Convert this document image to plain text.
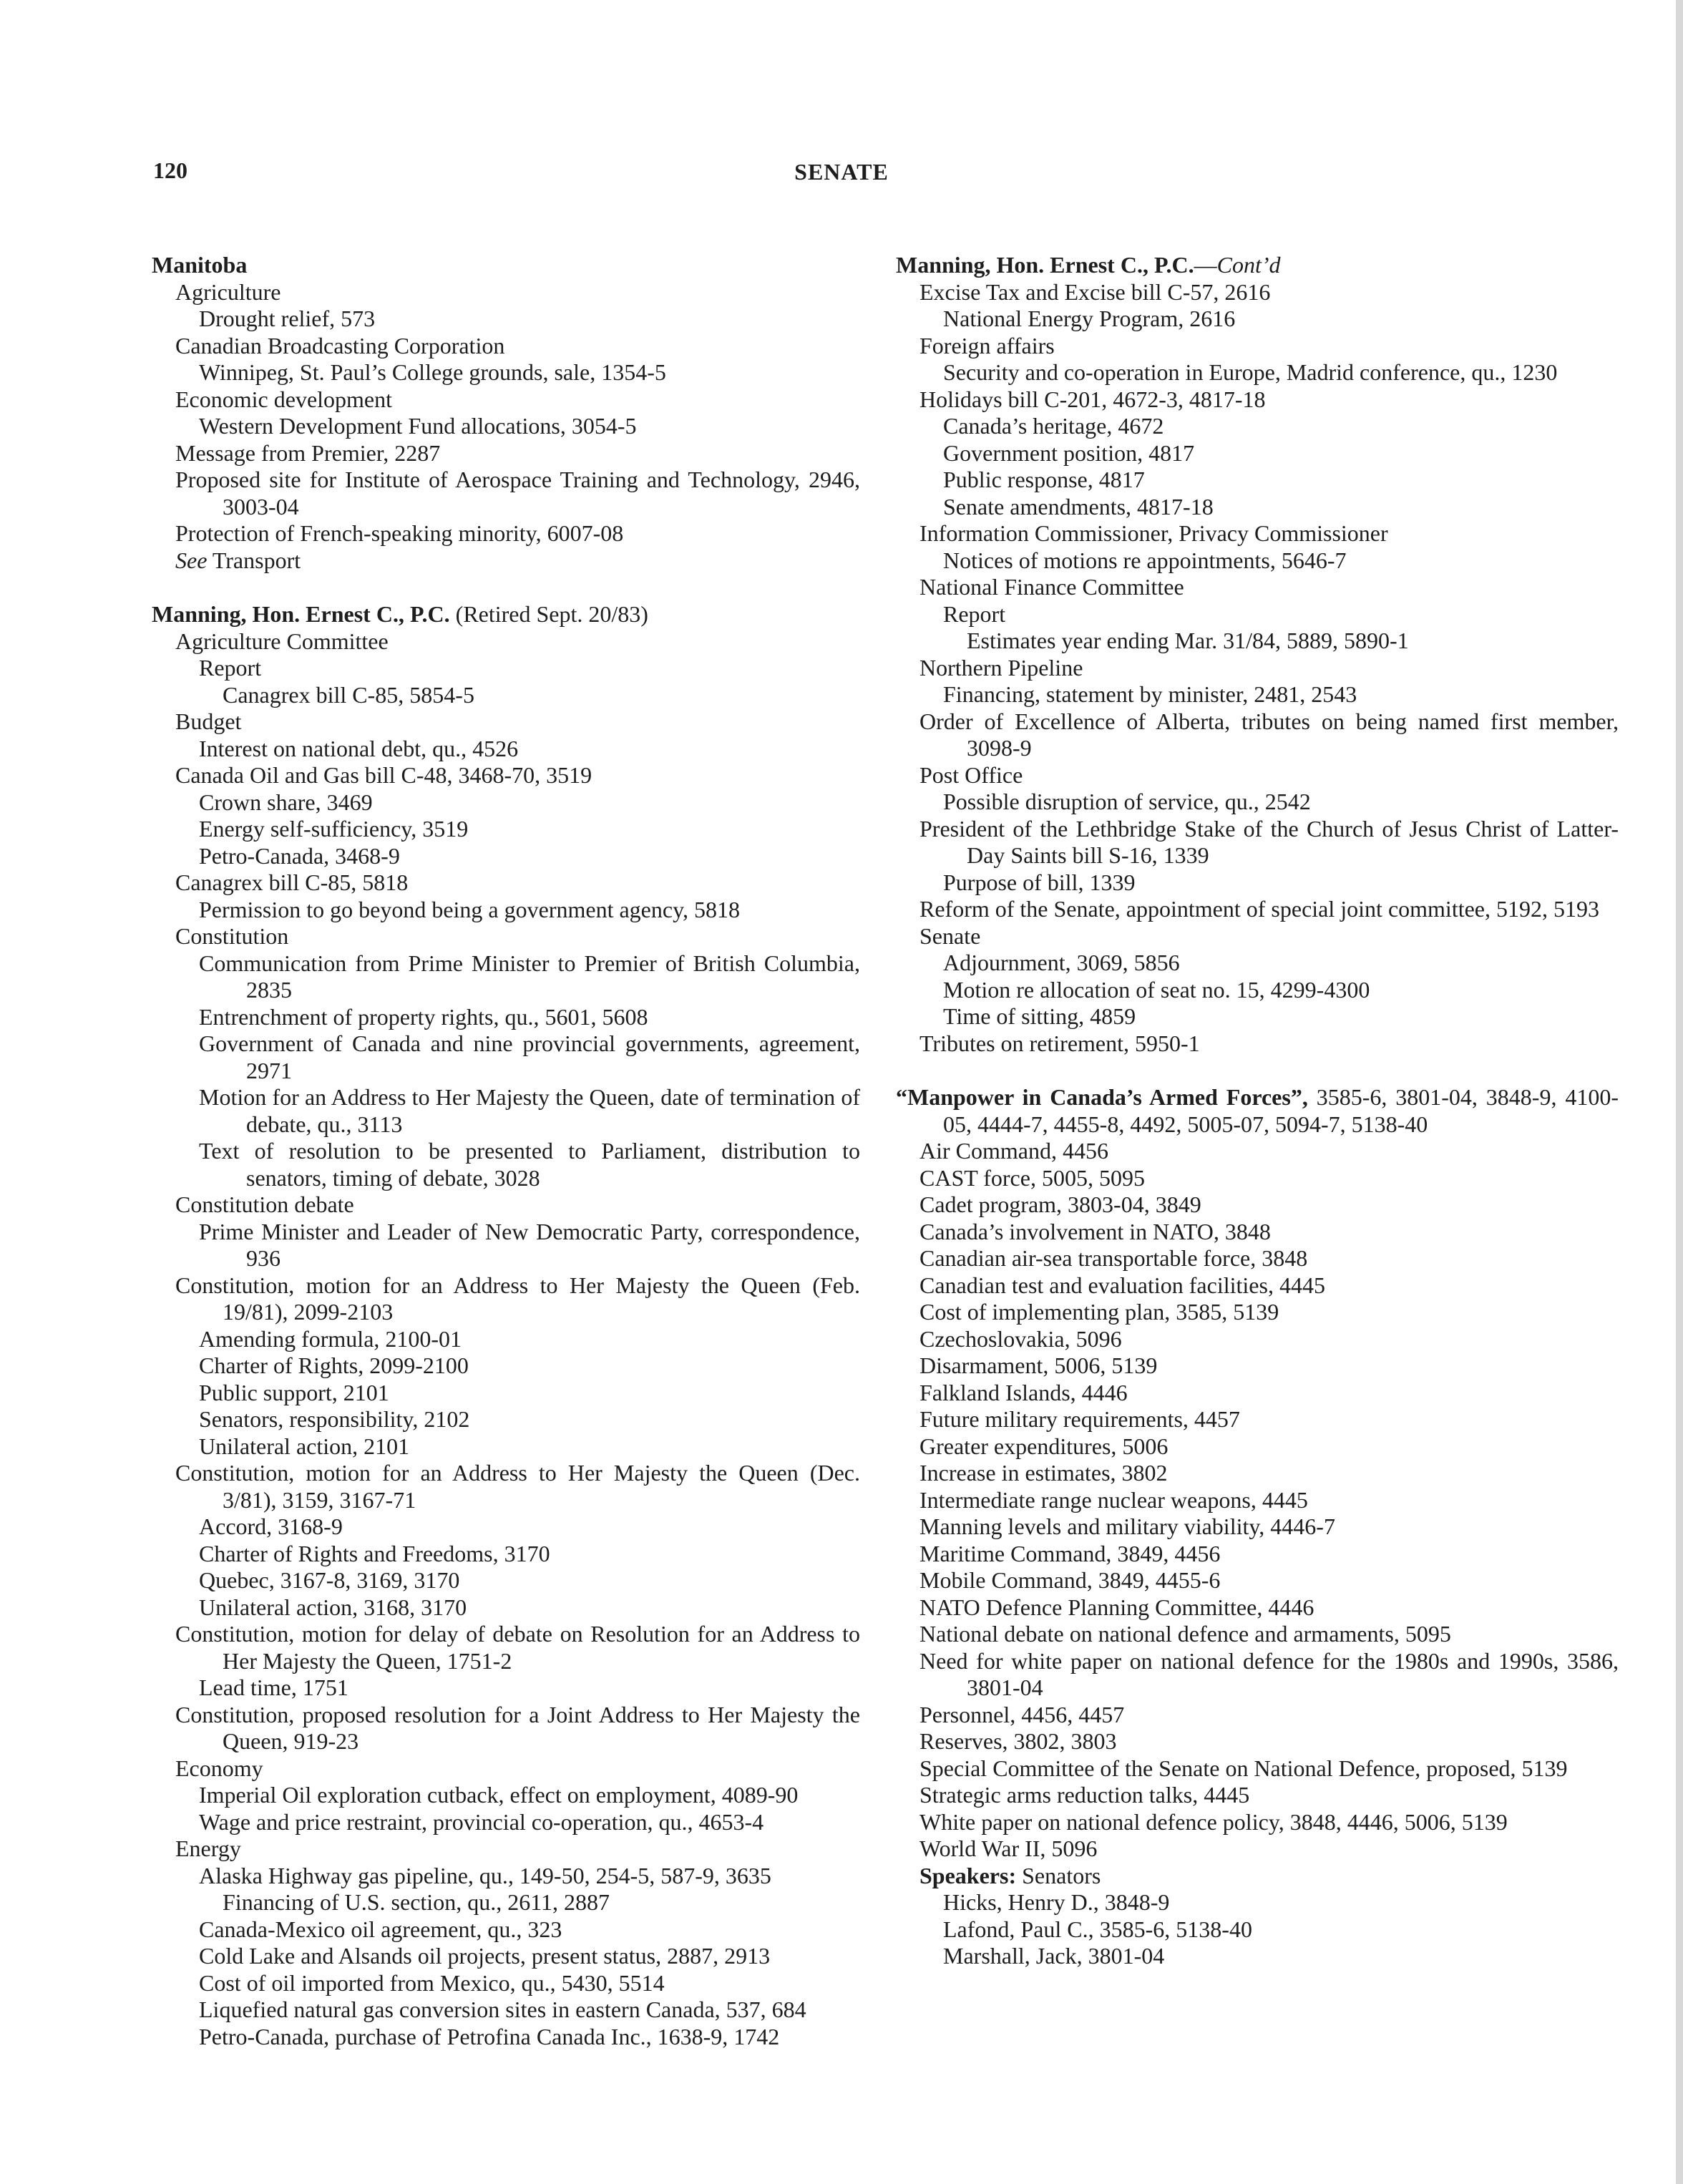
120	SENATE
Manitoba
Agriculture
Drought relief, 573
Canadian Broadcasting Corporation
Winnipeg, St. Paul’s College grounds, sale, 1354-5
Economic development
Western Development Fund allocations, 3054-5
Message from Premier, 2287
Proposed site for Institute of Aerospace Training and Technology, 2946, 3003-04
Protection of French-speaking minority, 6007-08
See Transport
Manning, Hon. Ernest C., P.C. (Retired Sept. 20/83)
Agriculture Committee
Report
Canagrex bill C-85, 5854-5
Budget
Interest on national debt, qu., 4526
Canada Oil and Gas bill C-48, 3468-70, 3519
Crown share, 3469
Energy self-sufficiency, 3519
Petro-Canada, 3468-9
Canagrex bill C-85, 5818
Permission to go beyond being a government agency, 5818
Constitution
Communication from Prime Minister to Premier of British Columbia, 2835
Entrenchment of property rights, qu., 5601, 5608
Government of Canada and nine provincial governments, agreement, 2971
Motion for an Address to Her Majesty the Queen, date of termination of debate, qu., 3113
Text of resolution to be presented to Parliament, distribution to senators, timing of debate, 3028
Constitution debate
Prime Minister and Leader of New Democratic Party, correspondence, 936
Constitution, motion for an Address to Her Majesty the Queen (Feb. 19/81), 2099-2103
Amending formula, 2100-01
Charter of Rights, 2099-2100
Public support, 2101
Senators, responsibility, 2102
Unilateral action, 2101
Constitution, motion for an Address to Her Majesty the Queen (Dec. 3/81), 3159, 3167-71
Accord, 3168-9
Charter of Rights and Freedoms, 3170
Quebec, 3167-8, 3169, 3170
Unilateral action, 3168, 3170
Constitution, motion for delay of debate on Resolution for an Address to Her Majesty the Queen, 1751-2
Lead time, 1751
Constitution, proposed resolution for a Joint Address to Her Majesty the Queen, 919-23
Economy
Imperial Oil exploration cutback, effect on employment, 4089-90
Wage and price restraint, provincial co-operation, qu., 4653-4
Energy
Alaska Highway gas pipeline, qu., 149-50, 254-5, 587-9, 3635
Financing of U.S. section, qu., 2611, 2887
Canada-Mexico oil agreement, qu., 323
Cold Lake and Alsands oil projects, present status, 2887, 2913
Cost of oil imported from Mexico, qu., 5430, 5514
Liquefied natural gas conversion sites in eastern Canada, 537, 684
Petro-Canada, purchase of Petrofina Canada Inc., 1638-9, 1742
Manning, Hon. Ernest C., P.C.—Cont’d
Excise Tax and Excise bill C-57, 2616
National Energy Program, 2616
Foreign affairs
Security and co-operation in Europe, Madrid conference, qu., 1230
Holidays bill C-201, 4672-3, 4817-18
Canada’s heritage, 4672
Government position, 4817
Public response, 4817
Senate amendments, 4817-18
Information Commissioner, Privacy Commissioner
Notices of motions re appointments, 5646-7
National Finance Committee
Report
Estimates year ending Mar. 31/84, 5889, 5890-1
Northern Pipeline
Financing, statement by minister, 2481, 2543
Order of Excellence of Alberta, tributes on being named first member, 3098-9
Post Office
Possible disruption of service, qu., 2542
President of the Lethbridge Stake of the Church of Jesus Christ of Latter-Day Saints bill S-16, 1339
Purpose of bill, 1339
Reform of the Senate, appointment of special joint committee, 5192, 5193
Senate
Adjournment, 3069, 5856
Motion re allocation of seat no. 15, 4299-4300
Time of sitting, 4859
Tributes on retirement, 5950-1
“Manpower in Canada’s Armed Forces”, 3585-6, 3801-04, 3848-9, 4100-05, 4444-7, 4455-8, 4492, 5005-07, 5094-7, 5138-40
Air Command, 4456
CAST force, 5005, 5095
Cadet program, 3803-04, 3849
Canada’s involvement in NATO, 3848
Canadian air-sea transportable force, 3848
Canadian test and evaluation facilities, 4445
Cost of implementing plan, 3585, 5139
Czechoslovakia, 5096
Disarmament, 5006, 5139
Falkland Islands, 4446
Future military requirements, 4457
Greater expenditures, 5006
Increase in estimates, 3802
Intermediate range nuclear weapons, 4445
Manning levels and military viability, 4446-7
Maritime Command, 3849, 4456
Mobile Command, 3849, 4455-6
NATO Defence Planning Committee, 4446
National debate on national defence and armaments, 5095
Need for white paper on national defence for the 1980s and 1990s, 3586, 3801-04
Personnel, 4456, 4457
Reserves, 3802, 3803
Special Committee of the Senate on National Defence, proposed, 5139
Strategic arms reduction talks, 4445
White paper on national defence policy, 3848, 4446, 5006, 5139
World War II, 5096
Speakers: Senators
Hicks, Henry D., 3848-9
Lafond, Paul C., 3585-6, 5138-40
Marshall, Jack, 3801-04
